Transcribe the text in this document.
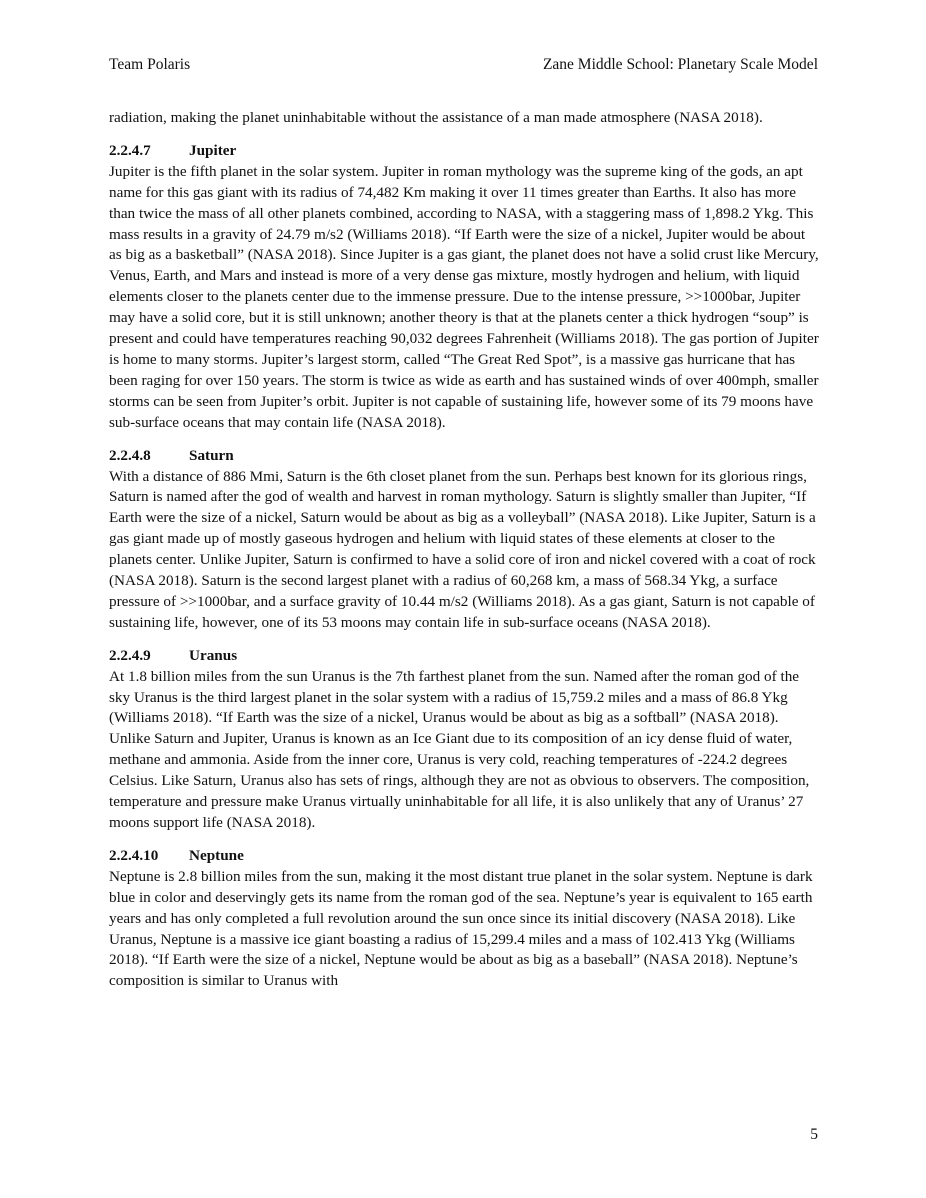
Team Polaris	Zane Middle School: Planetary Scale Model

radiation, making the planet uninhabitable without the assistance of a man made atmosphere (NASA 2018).

2.2.4.7	Jupiter

Jupiter is the fifth planet in the solar system. Jupiter in roman mythology was the supreme king of the gods, an apt name for this gas giant with its radius of 74,482 Km making it over 11 times greater than Earths. It also has more than twice the mass of all other planets combined, according to NASA, with a staggering mass of 1,898.2 Ykg. This mass results in a gravity of 24.79 m/s2 (Williams 2018). “If Earth were the size of a nickel, Jupiter would be about as big as a basketball” (NASA 2018). Since Jupiter is a gas giant, the planet does not have a solid crust like Mercury, Venus, Earth, and Mars and instead is more of a very dense gas mixture, mostly hydrogen and helium, with liquid elements closer to the planets center due to the immense pressure. Due to the intense pressure, >>1000bar, Jupiter may have a solid core, but it is still unknown; another theory is that at the planets center a thick hydrogen “soup” is present and could have temperatures reaching 90,032 degrees Fahrenheit (Williams 2018). The gas portion of Jupiter is home to many storms. Jupiter’s largest storm, called “The Great Red Spot”, is a massive gas hurricane that has been raging for over 150 years. The storm is twice as wide as earth and has sustained winds of over 400mph, smaller storms can be seen from Jupiter’s orbit. Jupiter is not capable of sustaining life, however some of its 79 moons have sub-surface oceans that may contain life (NASA 2018).

2.2.4.8	Saturn

With a distance of 886 Mmi, Saturn is the 6th closet planet from the sun. Perhaps best known for its glorious rings, Saturn is named after the god of wealth and harvest in roman mythology. Saturn is slightly smaller than Jupiter, “If Earth were the size of a nickel, Saturn would be about as big as a volleyball” (NASA 2018). Like Jupiter, Saturn is a gas giant made up of mostly gaseous hydrogen and helium with liquid states of these elements at closer to the planets center. Unlike Jupiter, Saturn is confirmed to have a solid core of iron and nickel covered with a coat of rock (NASA 2018). Saturn is the second largest planet with a radius of 60,268 km, a mass of 568.34 Ykg, a surface pressure of >>1000bar, and a surface gravity of 10.44 m/s2 (Williams 2018). As a gas giant, Saturn is not capable of sustaining life, however, one of its 53 moons may contain life in sub-surface oceans (NASA 2018).

2.2.4.9	Uranus

At 1.8 billion miles from the sun Uranus is the 7th farthest planet from the sun. Named after the roman god of the sky Uranus is the third largest planet in the solar system with a radius of 15,759.2 miles and a mass of 86.8 Ykg (Williams 2018). “If Earth was the size of a nickel, Uranus would be about as big as a softball” (NASA 2018). Unlike Saturn and Jupiter, Uranus is known as an Ice Giant due to its composition of an icy dense fluid of water, methane and ammonia. Aside from the inner core, Uranus is very cold, reaching temperatures of -224.2 degrees Celsius. Like Saturn, Uranus also has sets of rings, although they are not as obvious to observers. The composition, temperature and pressure make Uranus virtually uninhabitable for all life, it is also unlikely that any of Uranus’ 27 moons support life (NASA 2018).

2.2.4.10 Neptune

Neptune is 2.8 billion miles from the sun, making it the most distant true planet in the solar system. Neptune is dark blue in color and deservingly gets its name from the roman god of the sea. Neptune’s year is equivalent to 165 earth years and has only completed a full revolution around the sun once since its initial discovery (NASA 2018). Like Uranus, Neptune is a massive ice giant boasting a radius of 15,299.4 miles and a mass of 102.413 Ykg (Williams 2018). “If Earth were the size of a nickel, Neptune would be about as big as a baseball” (NASA 2018). Neptune’s composition is similar to Uranus with

5
